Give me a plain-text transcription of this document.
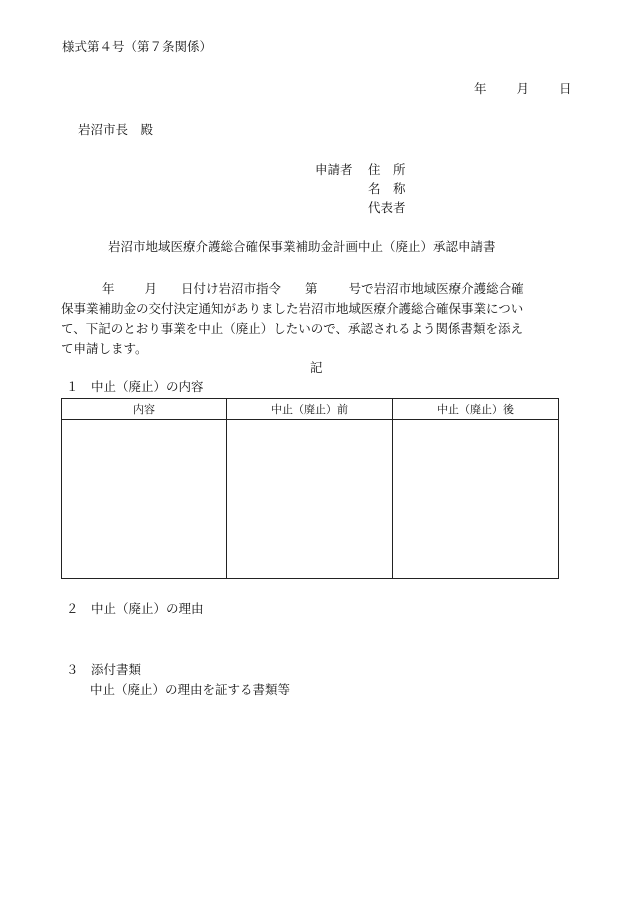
様式第４号（第７条関係）
年 月 日
岩沼市長　殿
申請者 住　所
名　称
代表者
岩沼市地域医療介護総合確保事業補助金計画中止（廃止）承認申請書
年 月 日付け岩沼市指令 第 号で岩沼市地域医療介護総合確
保事業補助金の交付決定通知がありました岩沼市地域医療介護総合確保事業につい
て、下記のとおり事業を中止（廃止）したいので、承認されるよう関係書類を添え
て申請します。
記
１　中止（廃止）の内容
内容	中止（廃止）前	中止（廃止）後

２　中止（廃止）の理由
３　添付書類
中止（廃止）の理由を証する書類等
